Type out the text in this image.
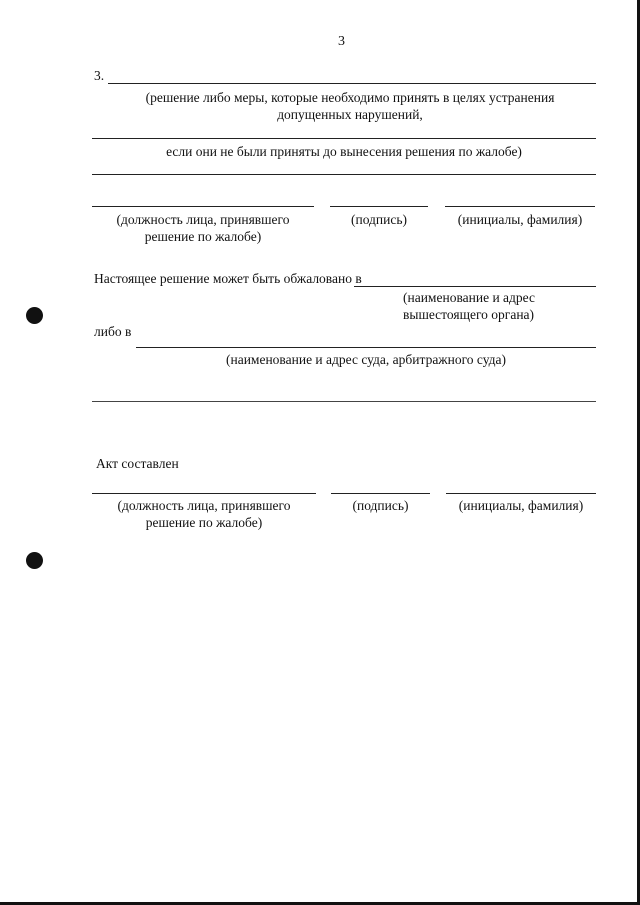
3
3.
(решение либо меры, которые необходимо принять в целях устранения
допущенных нарушений,
если они не были приняты до вынесения решения по жалобе)
(должность лица, принявшего
решение по жалобе)
(подпись)	(инициалы, фамилия)
Настоящее решение может быть обжаловано в
(наименование и адрес
вышестоящего органа)
либо в
(наименование и адрес суда, арбитражного суда)
Акт составлен
(должность лица, принявшего
решение по жалобе)
(подпись)	(инициалы, фамилия)
